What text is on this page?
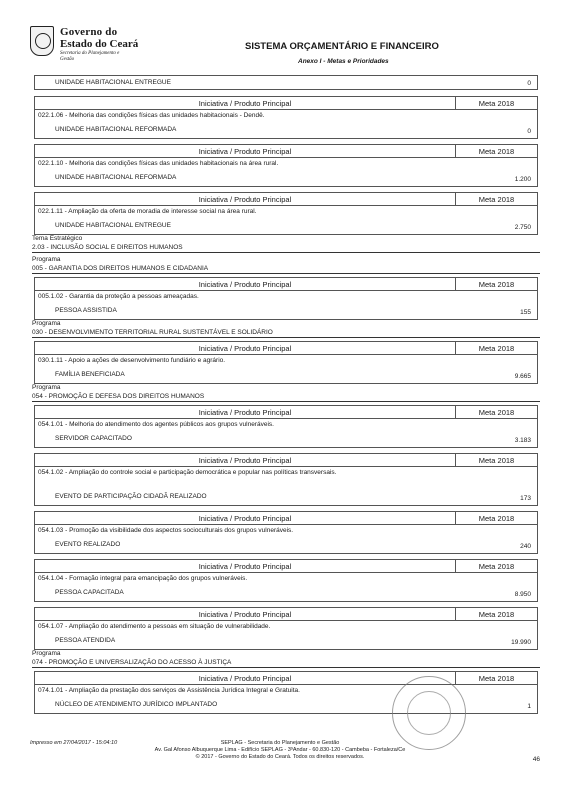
Governo do
Estado do Ceará
Secretaria do Planejamento e Gestão
SISTEMA ORÇAMENTÁRIO E FINANCEIRO
Anexo I - Metas e Prioridades
UNIDADE HABITACIONAL ENTREGUE	0
Iniciativa / Produto Principal	Meta 2018
022.1.06 - Melhoria das condições físicas das unidades habitacionais - Dendê.
UNIDADE HABITACIONAL REFORMADA	0
Iniciativa / Produto Principal	Meta 2018
022.1.10 - Melhoria das condições físicas das unidades habitacionais na área rural.
UNIDADE HABITACIONAL REFORMADA	1.200
Iniciativa / Produto Principal	Meta 2018
022.1.11 - Ampliação da oferta de moradia de interesse social na área rural.
UNIDADE HABITACIONAL ENTREGUE	2.750
Tema Estratégico
2.03 - INCLUSÃO SOCIAL E DIREITOS HUMANOS
Programa
005 - GARANTIA DOS DIREITOS HUMANOS E CIDADANIA
Iniciativa / Produto Principal	Meta 2018
005.1.02 - Garantia da proteção a pessoas ameaçadas.
PESSOA ASSISTIDA	155
Programa
030 - DESENVOLVIMENTO TERRITORIAL RURAL SUSTENTÁVEL E SOLIDÁRIO
Iniciativa / Produto Principal	Meta 2018
030.1.11 - Apoio a ações de desenvolvimento fundiário e agrário.
FAMÍLIA BENEFICIADA	9.665
Programa
054 - PROMOÇÃO E DEFESA DOS DIREITOS HUMANOS
Iniciativa / Produto Principal	Meta 2018
054.1.01 - Melhoria do atendimento dos agentes públicos aos grupos vulneráveis.
SERVIDOR CAPACITADO	3.183
Iniciativa / Produto Principal	Meta 2018
054.1.02 - Ampliação do controle social e participação democrática e popular nas políticas transversais.
EVENTO DE PARTICIPAÇÃO CIDADÃ REALIZADO	173
Iniciativa / Produto Principal	Meta 2018
054.1.03 - Promoção da visibilidade dos aspectos socioculturais dos grupos vulneráveis.
EVENTO REALIZADO	240
Iniciativa / Produto Principal	Meta 2018
054.1.04 - Formação integral para emancipação dos grupos vulneráveis.
PESSOA CAPACITADA	8.950
Iniciativa / Produto Principal	Meta 2018
054.1.07 - Ampliação do atendimento a pessoas em situação de vulnerabilidade.
PESSOA ATENDIDA	19.990
Programa
074 - PROMOÇÃO E UNIVERSALIZAÇÃO DO ACESSO À JUSTIÇA
Iniciativa / Produto Principal	Meta 2018
074.1.01 - Ampliação da prestação dos serviços de Assistência Jurídica Integral e Gratuita.
NÚCLEO DE ATENDIMENTO JURÍDICO IMPLANTADO	1
Impresso em 27/04/2017 - 15:04:10	SEPLAG - Secretaria do Planejamento e Gestão
Av. Gal Afonso Albuquerque Lima - Edifício SEPLAG - 3ºAndar - 60.830-120 - Cambeba - Fortaleza/Ce
© 2017 - Governo do Estado do Ceará. Todos os direitos reservados.	46
